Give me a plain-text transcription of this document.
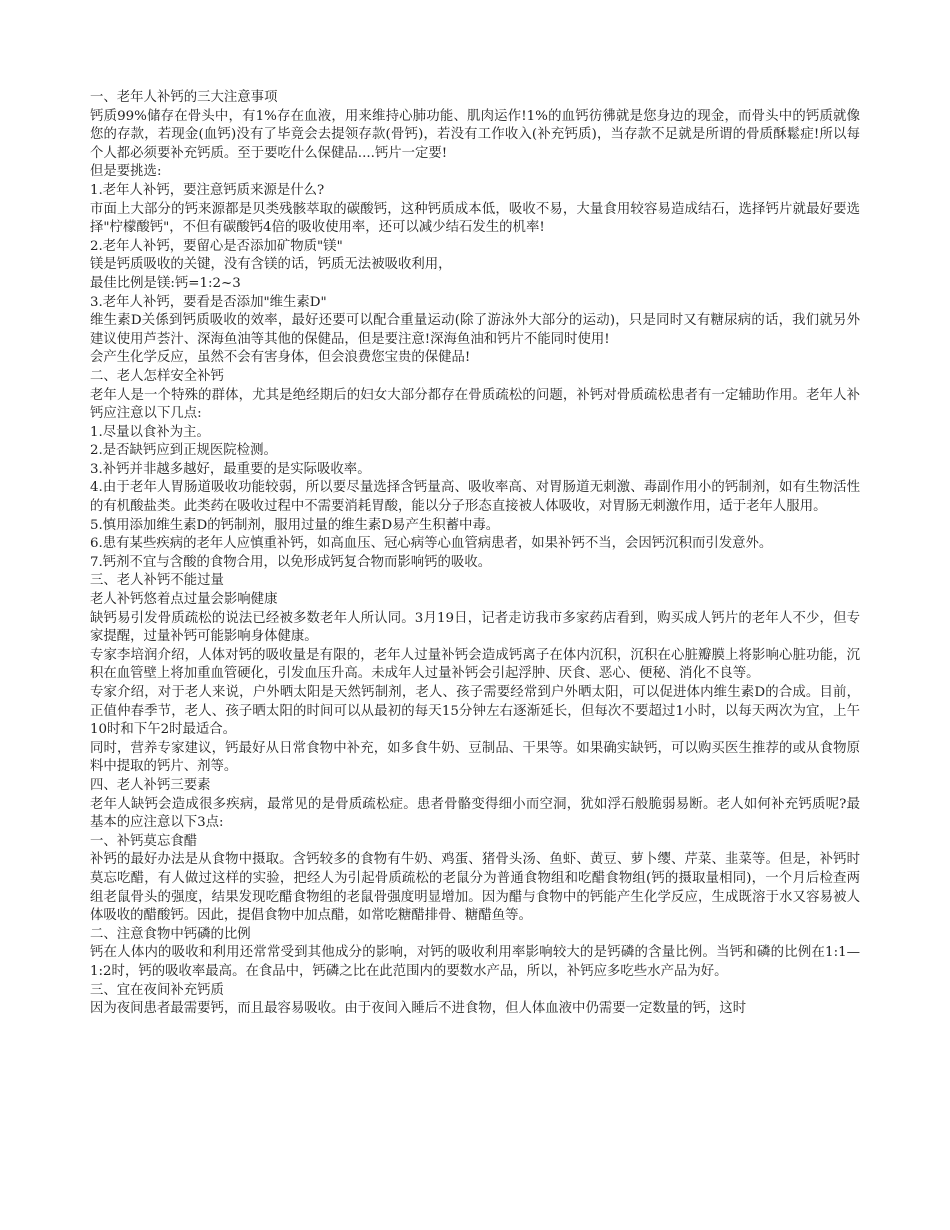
一、老年人补钙的三大注意事项

钙质99%储存在骨头中，有1%存在血液，用来维持心肺功能、肌肉运作!1%的血钙彷彿就是您身边的现金，而骨头中的钙质就像您的存款，若现金(血钙)没有了毕竟会去提领存款(骨钙)，若没有工作收入(补充钙质)，当存款不足就是所谓的骨质酥鬆症!所以每个人都必须要补充钙质。至于要吃什么保健品....钙片一定要!

但是要挑选:

1.老年人补钙，要注意钙质来源是什么?

市面上大部分的钙来源都是贝类残骸萃取的碳酸钙，这种钙质成本低，吸收不易，大量食用较容易造成结石，选择钙片就最好要选择"柠檬酸钙"，不但有碳酸钙4倍的吸收使用率，还可以减少结石发生的机率!

2.老年人补钙，要留心是否添加矿物质"镁"

镁是钙质吸收的关键，没有含镁的话，钙质无法被吸收利用，

最佳比例是镁:钙=1:2~3

3.老年人补钙，要看是否添加"维生素D"

维生素D关係到钙质吸收的效率，最好还要可以配合重量运动(除了游泳外大部分的运动)，只是同时又有糖尿病的话，我们就另外建议使用芦荟汁、深海鱼油等其他的保健品，但是要注意!深海鱼油和钙片不能同时使用!

会产生化学反应，虽然不会有害身体，但会浪费您宝贵的保健品!

二、老人怎样安全补钙

老年人是一个特殊的群体，尤其是绝经期后的妇女大部分都存在骨质疏松的问题，补钙对骨质疏松患者有一定辅助作用。老年人补钙应注意以下几点:

1.尽量以食补为主。

2.是否缺钙应到正规医院检测。

3.补钙并非越多越好，最重要的是实际吸收率。

4.由于老年人胃肠道吸收功能较弱，所以要尽量选择含钙量高、吸收率高、对胃肠道无刺激、毒副作用小的钙制剂，如有生物活性的有机酸盐类。此类药在吸收过程中不需要消耗胃酸，能以分子形态直接被人体吸收，对胃肠无刺激作用，适于老年人服用。

5.慎用添加维生素D的钙制剂，服用过量的维生素D易产生积蓄中毒。

6.患有某些疾病的老年人应慎重补钙，如高血压、冠心病等心血管病患者，如果补钙不当，会因钙沉积而引发意外。

7.钙剂不宜与含酸的食物合用，以免形成钙复合物而影响钙的吸收。

三、老人补钙不能过量

老人补钙悠着点过量会影响健康

缺钙易引发骨质疏松的说法已经被多数老年人所认同。3月19日，记者走访我市多家药店看到，购买成人钙片的老年人不少，但专家提醒，过量补钙可能影响身体健康。

专家李培润介绍，人体对钙的吸收量是有限的，老年人过量补钙会造成钙离子在体内沉积，沉积在心脏瓣膜上将影响心脏功能，沉积在血管壁上将加重血管硬化，引发血压升高。未成年人过量补钙会引起浮肿、厌食、恶心、便秘、消化不良等。

专家介绍，对于老人来说，户外晒太阳是天然钙制剂，老人、孩子需要经常到户外晒太阳，可以促进体内维生素D的合成。目前，正值仲春季节，老人、孩子晒太阳的时间可以从最初的每天15分钟左右逐渐延长，但每次不要超过1小时，以每天两次为宜，上午10时和下午2时最适合。

同时，营养专家建议，钙最好从日常食物中补充，如多食牛奶、豆制品、干果等。如果确实缺钙，可以购买医生推荐的或从食物原料中提取的钙片、剂等。

四、老人补钙三要素

老年人缺钙会造成很多疾病，最常见的是骨质疏松症。患者骨骼变得细小而空洞，犹如浮石般脆弱易断。老人如何补充钙质呢?最基本的应注意以下3点:

一、补钙莫忘食醋

补钙的最好办法是从食物中摄取。含钙较多的食物有牛奶、鸡蛋、猪骨头汤、鱼虾、黄豆、萝卜缨、芹菜、韭菜等。但是，补钙时莫忘吃醋，有人做过这样的实验，把经人为引起骨质疏松的老鼠分为普通食物组和吃醋食物组(钙的摄取量相同)，一个月后检查两组老鼠骨头的强度，结果发现吃醋食物组的老鼠骨强度明显增加。因为醋与食物中的钙能产生化学反应，生成既溶于水又容易被人体吸收的醋酸钙。因此，提倡食物中加点醋，如常吃糖醋排骨、糖醋鱼等。

二、注意食物中钙磷的比例

钙在人体内的吸收和利用还常常受到其他成分的影响，对钙的吸收利用率影响较大的是钙磷的含量比例。当钙和磷的比例在1:1—1:2时，钙的吸收率最高。在食品中，钙磷之比在此范围内的要数水产品，所以，补钙应多吃些水产品为好。

三、宜在夜间补充钙质

因为夜间患者最需要钙，而且最容易吸收。由于夜间入睡后不进食物，但人体血液中仍需要一定数量的钙，这时
